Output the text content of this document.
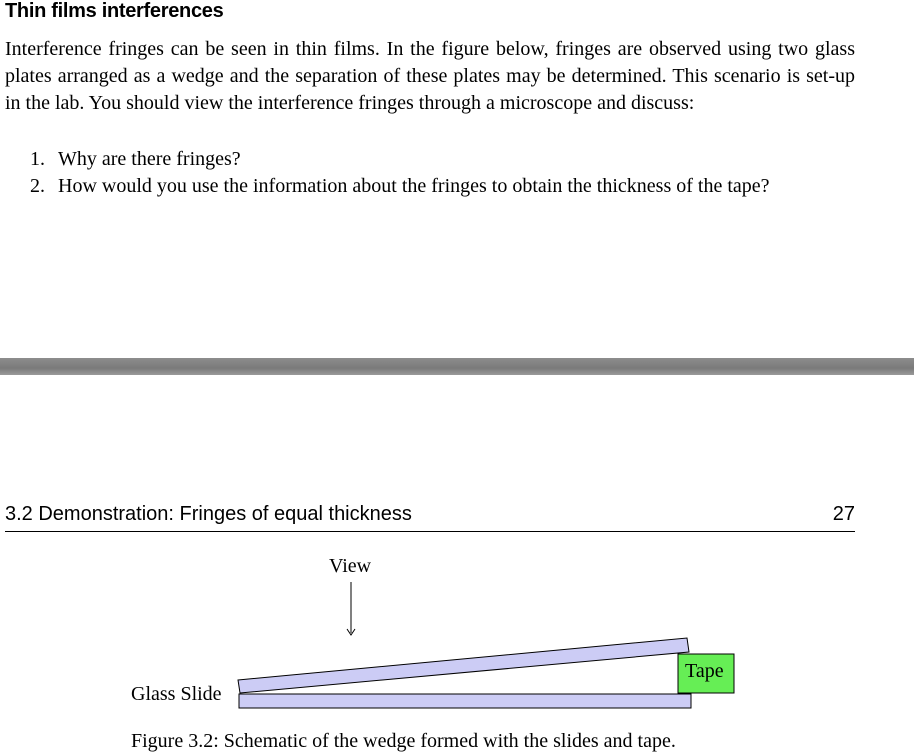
Thin films interferences

Interference fringes can be seen in thin films. In the figure below, fringes are observed using two glass plates arranged as a wedge and the separation of these plates may be determined. This scenario is set-up in the lab. You should view the interference fringes through a microscope and discuss:

1. Why are there fringes?
2. How would you use the information about the fringes to obtain the thickness of the tape?
3.2 Demonstration: Fringes of equal thickness	27
View
Glass Slide
Tape
Figure 3.2: Schematic of the wedge formed with the slides and tape.
